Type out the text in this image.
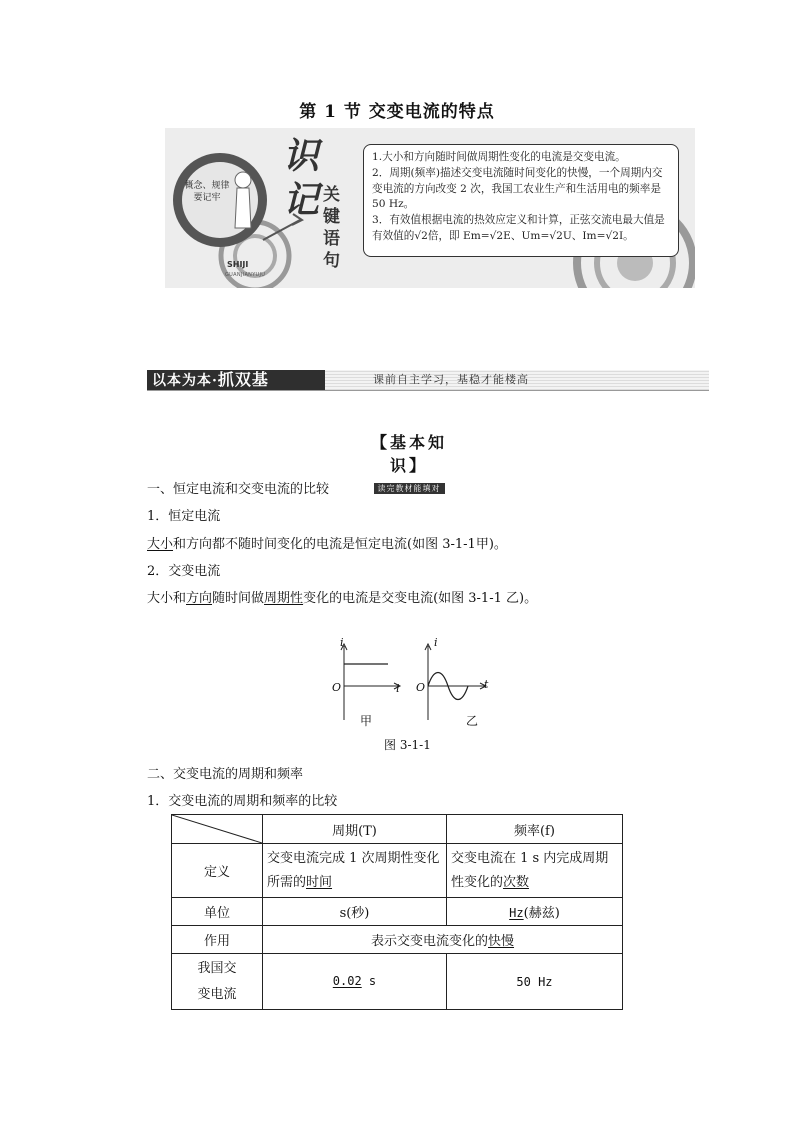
第 1 节 交变电流的特点
概念、规律
要记牢
识
记 关键语句
SHIJI
GUANJIANYUJU

1.大小和方向随时间做周期性变化的电流是交变电流。

2．周期(频率)描述交变电流随时间变化的快慢，一个周期内交变电流的方向改变 2 次，我国工农业生产和生活用电的频率是 50 Hz。

3．有效值根据电流的热效应定义和计算，正弦交流电最大值是有效值的√2倍，即 Em=√2E、Um=√2U、Im=√2I。

以本为本·抓双基	课前自主学习，基稳才能楼高
【基本知识】
读完教材能填对
一、恒定电流和交变电流的比较
1．恒定电流
大小和方向都不随时间变化的电流是恒定电流(如图 3-1-1甲)。
2．交变电流
大小和方向随时间做周期性变化的电流是交变电流(如图 3-1-1 乙)。
i
O	i
i
O	t
甲	乙
图 3-1-1
二、交变电流的周期和频率
1．交变电流的周期和频率的比较
	周期(T)	频率(f)
定义	交变电流完成 1 次周期性变化所需的时间	交变电流在 1 s 内完成周期性变化的次数
单位	s(秒)	Hz(赫兹)
作用	表示交变电流变化的快慢	
我国交变电流	0.02 s	50 Hz
